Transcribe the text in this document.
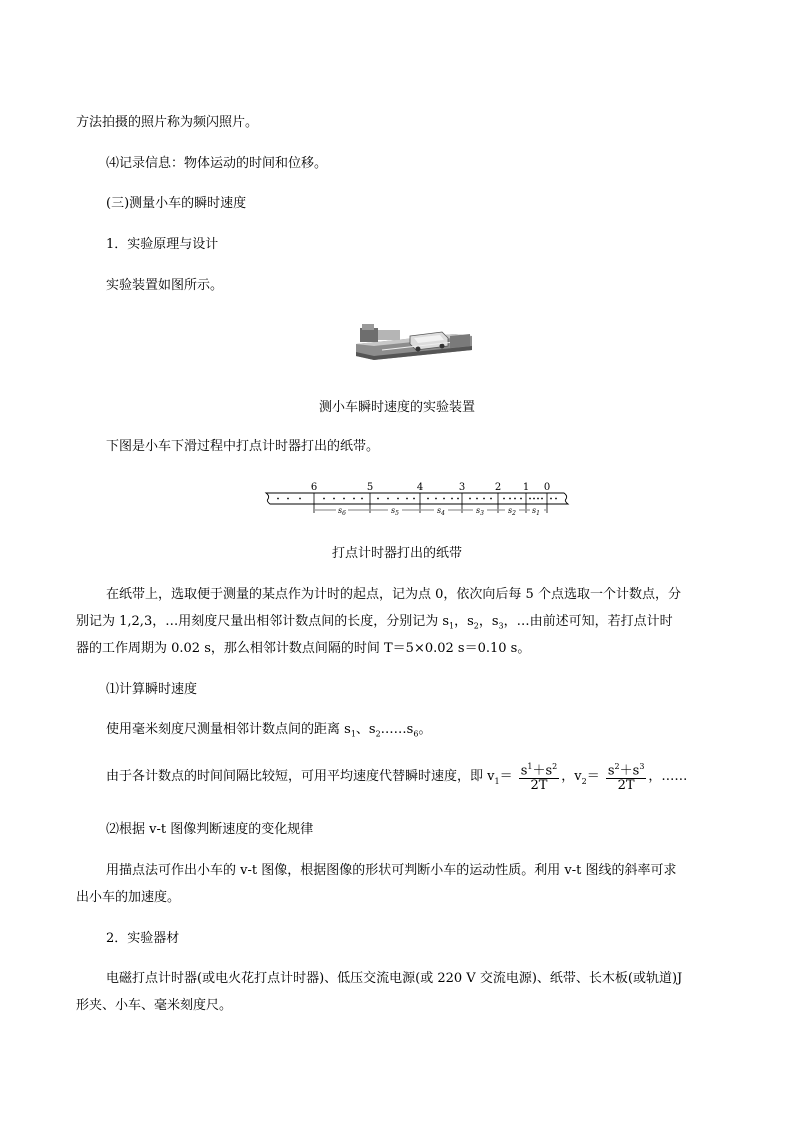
方法拍摄的照片称为频闪照片。
⑷记录信息：物体运动的时间和位移。
(三)测量小车的瞬时速度
1．实验原理与设计
实验装置如图所示。
测小车瞬时速度的实验装置
下图是小车下滑过程中打点计时器打出的纸带。
6	5	4	3	2 1 0
$s_6$	$s_5$	$s_4$	$s_3$	$s_2$ $s_1$
打点计时器打出的纸带
在纸带上，选取便于测量的某点作为计时的起点，记为点 0，依次向后每 5 个点选取一个计数点，分
别记为 1,2,3，…用刻度尺量出相邻计数点间的长度，分别记为 $s_1$，$s_2$，$s_3$，…由前述可知，若打点计时
器的工作周期为 0.02 s，那么相邻计数点间隔的时间 T＝5×0.02 s＝0.10 s。
⑴计算瞬时速度
使用毫米刻度尺测量相邻计数点间的距离 $s_1$、$s_2\dots\dots s_6$。
由于各计数点的时间间隔比较短，可用平均速度代替瞬时速度，即 $v_1= \frac{s^1+s^2}{2T}$ ，$v_2= \frac{s^2+s^3}{2T}$ ，……
⑵根据 v-t 图像判断速度的变化规律
用描点法可作出小车的 v-t 图像，根据图像的形状可判断小车的运动性质。利用 v-t 图线的斜率可求
出小车的加速度。
2．实验器材
电磁打点计时器(或电火花打点计时器)、低压交流电源(或 220 V 交流电源)、纸带、长木板(或轨道)J
形夹、小车、毫米刻度尺。
